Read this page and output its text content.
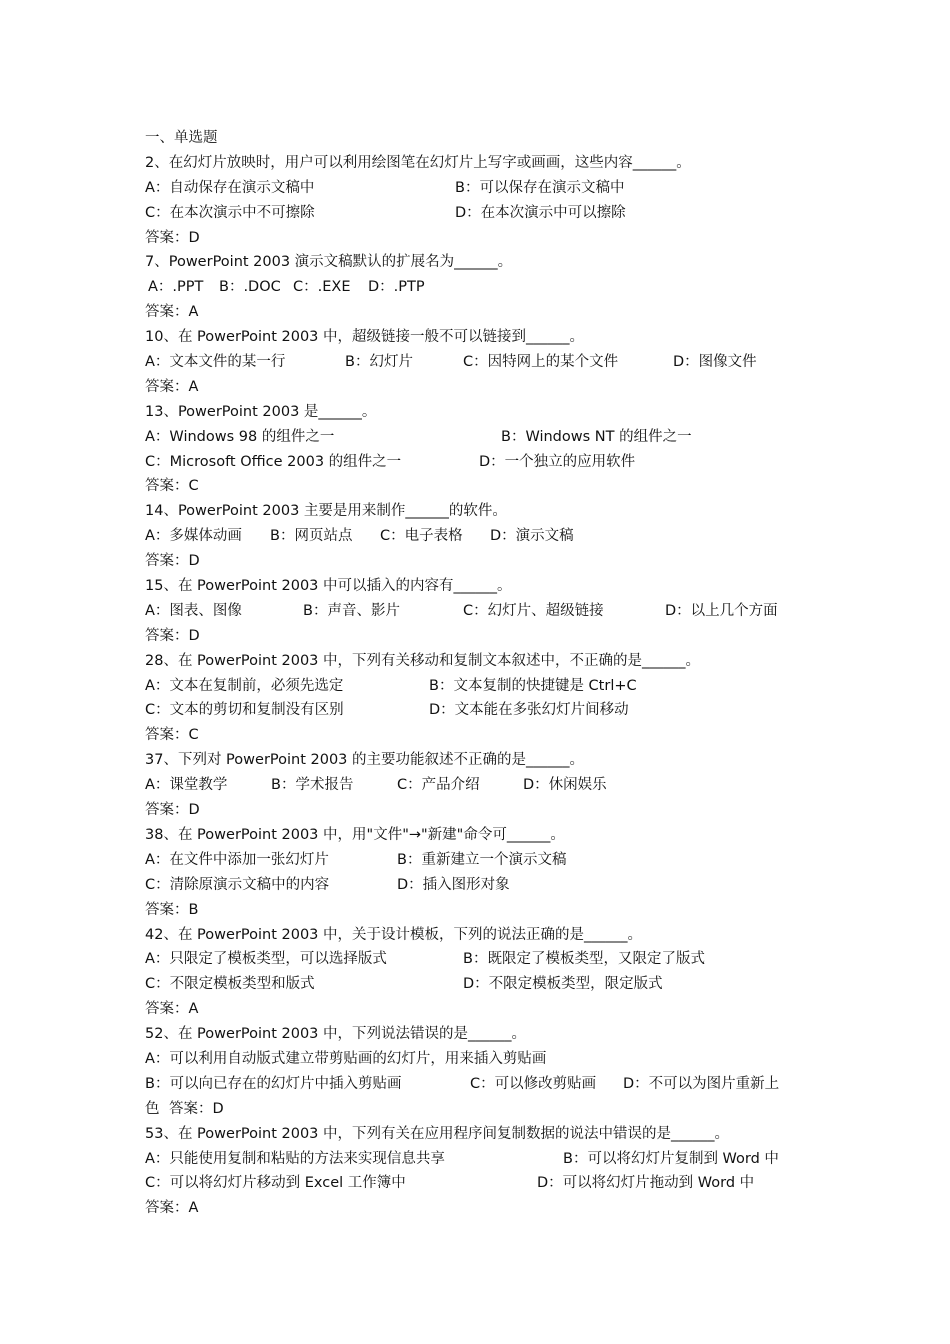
一、单选题
2、在幻灯片放映时，用户可以利用绘图笔在幻灯片上写字或画画，这些内容______。
A：自动保存在演示文稿中	B：可以保存在演示文稿中
C：在本次演示中不可擦除	D：在本次演示中可以擦除
答案：D
7、PowerPoint 2003 演示文稿默认的扩展名为______。
A：.PPT B：.DOC C：.EXE D：.PTP
答案：A
10、在 PowerPoint 2003 中，超级链接一般不可以链接到______。
A：文本文件的某一行	B：幻灯片	C：因特网上的某个文件	D：图像文件
答案：A
13、PowerPoint 2003 是______。
A：Windows 98 的组件之一	B：Windows NT 的组件之一
C：Microsoft Office 2003 的组件之一	D：一个独立的应用软件
答案：C
14、PowerPoint 2003 主要是用来制作______的软件。
A：多媒体动画 B：网页站点 C：电子表格 D：演示文稿
答案：D
15、在 PowerPoint 2003 中可以插入的内容有______。
A：图表、图像	B：声音、影片	C：幻灯片、超级链接	D：以上几个方面
答案：D
28、在 PowerPoint 2003 中，下列有关移动和复制文本叙述中，不正确的是______。
A：文本在复制前，必须先选定	B：文本复制的快捷键是 Ctrl+C
C：文本的剪切和复制没有区别	D：文本能在多张幻灯片间移动
答案：C
37、下列对 PowerPoint 2003 的主要功能叙述不正确的是______。
A：课堂教学	B：学术报告	C：产品介绍	D：休闲娱乐
答案：D
38、在 PowerPoint 2003 中，用"文件"→"新建"命令可______。
A：在文件中添加一张幻灯片	B：重新建立一个演示文稿
C：清除原演示文稿中的内容	D：插入图形对象
答案：B
42、在 PowerPoint 2003 中，关于设计模板，下列的说法正确的是______。
A：只限定了模板类型，可以选择版式	B：既限定了模板类型，又限定了版式
C：不限定模板类型和版式	D：不限定模板类型，限定版式
答案：A
52、在 PowerPoint 2003 中，下列说法错误的是______。
A：可以利用自动版式建立带剪贴画的幻灯片，用来插入剪贴画
B：可以向已存在的幻灯片中插入剪贴画	C：可以修改剪贴画 D：不可以为图片重新上
色 答案：D
53、在 PowerPoint 2003 中，下列有关在应用程序间复制数据的说法中错误的是______。
A：只能使用复制和粘贴的方法来实现信息共享	B：可以将幻灯片复制到 Word 中
C：可以将幻灯片移动到 Excel 工作簿中	D：可以将幻灯片拖动到 Word 中
答案：A
